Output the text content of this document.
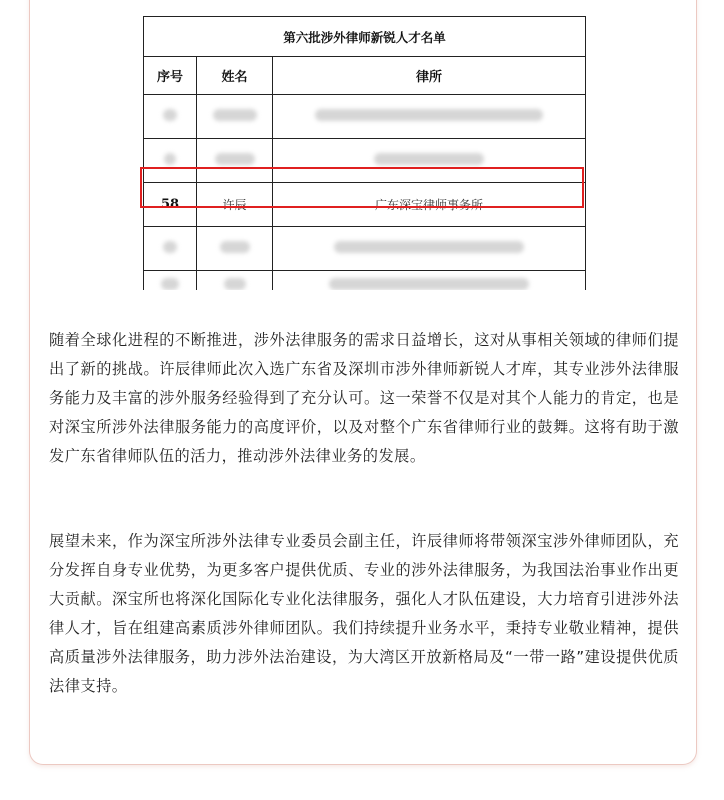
第六批涉外律师新锐人才名单		
序号	姓名	律所

58	许辰	广东深宝律师事务所

随着全球化进程的不断推进，涉外法律服务的需求日益增长，这对从事相关领域的律师们提出了新的挑战。许辰律师此次入选广东省及深圳市涉外律师新锐人才库，其专业涉外法律服务能力及丰富的涉外服务经验得到了充分认可。这一荣誉不仅是对其个人能力的肯定，也是对深宝所涉外法律服务能力的高度评价，以及对整个广东省律师行业的鼓舞。这将有助于激发广东省律师队伍的活力，推动涉外法律业务的发展。

展望未来，作为深宝所涉外法律专业委员会副主任，许辰律师将带领深宝涉外律师团队，充分发挥自身专业优势，为更多客户提供优质、专业的涉外法律服务，为我国法治事业作出更大贡献。深宝所也将深化国际化专业化法律服务，强化人才队伍建设，大力培育引进涉外法律人才，旨在组建高素质涉外律师团队。我们持续提升业务水平，秉持专业敬业精神，提供高质量涉外法律服务，助力涉外法治建设，为大湾区开放新格局及“一带一路”建设提供优质法律支持。
